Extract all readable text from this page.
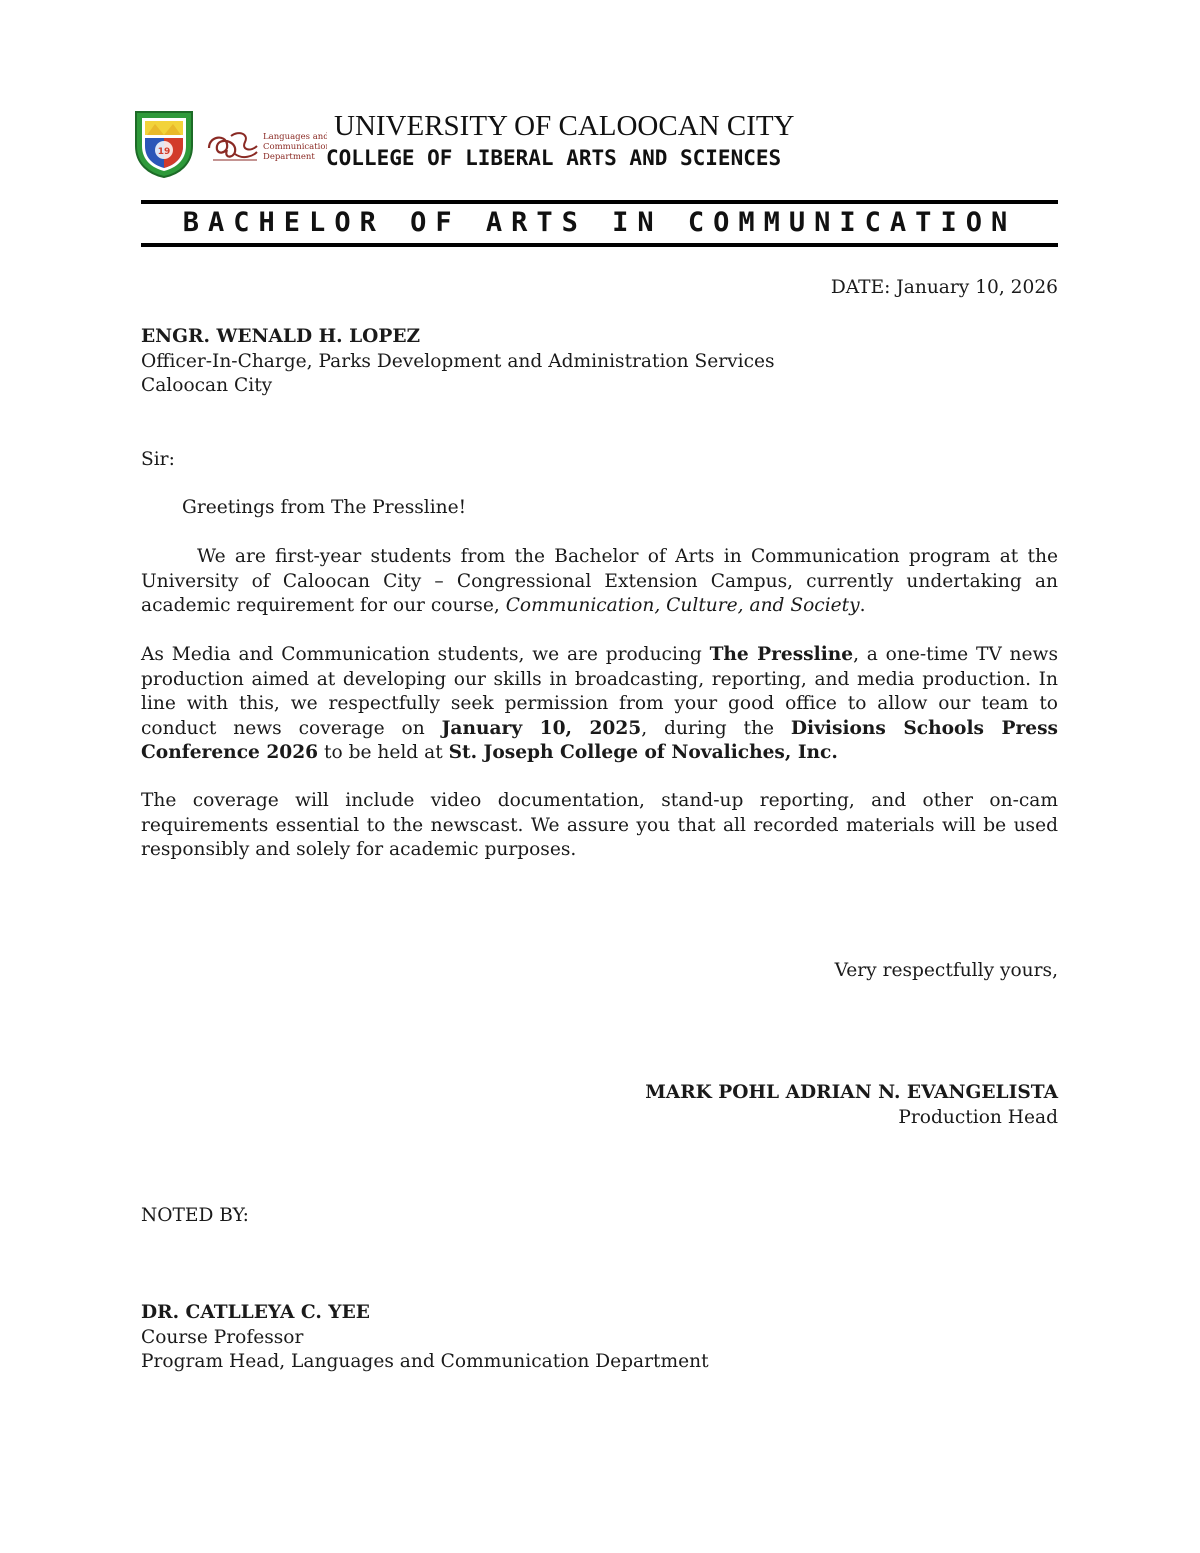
19
Languages and
Communication
Department
UNIVERSITY OF CALOOCAN CITY
COLLEGE OF LIBERAL ARTS AND SCIENCES
BACHELOR OF ARTS IN COMMUNICATION
DATE: January 10, 2026
ENGR. WENALD H. LOPEZ
Officer-In-Charge, Parks Development and Administration Services
Caloocan City
Sir:
Greetings from The Pressline!
We are first-year students from the Bachelor of Arts in Communication program at the University of Caloocan City – Congressional Extension Campus, currently undertaking an academic requirement for our course, Communication, Culture, and Society.
As Media and Communication students, we are producing The Pressline, a one-time TV news production aimed at developing our skills in broadcasting, reporting, and media production. In line with this, we respectfully seek permission from your good office to allow our team to conduct news coverage on January 10, 2025, during the Divisions Schools Press Conference 2026 to be held at St. Joseph College of Novaliches, Inc.
The coverage will include video documentation, stand-up reporting, and other on-cam requirements essential to the newscast. We assure you that all recorded materials will be used responsibly and solely for academic purposes.
Very respectfully yours,
MARK POHL ADRIAN N. EVANGELISTA
Production Head
NOTED BY:
DR. CATLLEYA C. YEE
Course Professor
Program Head, Languages and Communication Department
